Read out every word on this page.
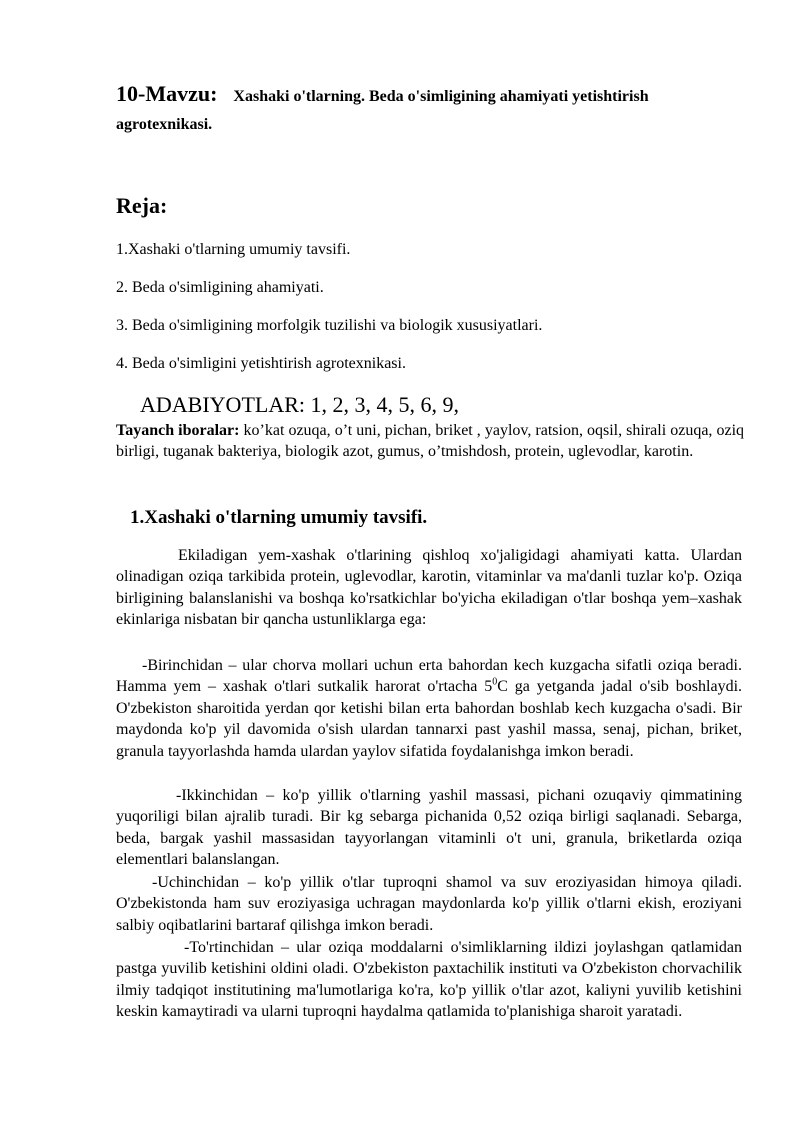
10-Mavzu: Xashaki o'tlarning. Beda o'simligining ahamiyati yetishtirish agrotexnikasi.
Reja:
1.Xashaki o'tlarning umumiy tavsifi.
2. Beda o'simligining ahamiyati.
3. Beda o'simligining morfolgik tuzilishi va biologik xususiyatlari.
4. Beda o'simligini yetishtirish agrotexnikasi.
ADABIYOTLAR: 1, 2, 3, 4, 5, 6, 9,
Tayanch iboralar: ko’kat ozuqa, o’t uni, pichan, briket , yaylov, ratsion, oqsil, shirali ozuqa, oziq birligi, tuganak bakteriya, biologik azot, gumus, o’tmishdosh, protein, uglevodlar, karotin.
1.Xashaki o'tlarning umumiy tavsifi.

Ekiladigan yem-xashak o'tlarining qishloq xo'jaligidagi ahamiyati katta. Ulardan olinadigan oziqa tarkibida protein, uglevodlar, karotin, vitaminlar va ma'danli tuzlar ko'p. Oziqa birligining balanslanishi va boshqa ko'rsatkichlar bo'yicha ekiladigan o'tlar boshqa yem–xashak ekinlariga nisbatan bir qancha ustunliklarga ega:

-Birinchidan – ular chorva mollari uchun erta bahordan kech kuzgacha sifatli oziqa beradi. Hamma yem – xashak o'tlari sutkalik harorat o'rtacha $5^0C$ ga yetganda jadal o'sib boshlaydi. O'zbekiston sharoitida yerdan qor ketishi bilan erta bahordan boshlab kech kuzgacha o'sadi. Bir maydonda ko'p yil davomida o'sish ulardan tannarxi past yashil massa, senaj, pichan, briket, granula tayyorlashda hamda ulardan yaylov sifatida foydalanishga imkon beradi.

-Ikkinchidan – ko'p yillik o'tlarning yashil massasi, pichani ozuqaviy qimmatining yuqoriligi bilan ajralib turadi. Bir kg sebarga pichanida 0,52 oziqa birligi saqlanadi. Sebarga, beda, bargak yashil massasidan tayyorlangan vitaminli o't uni, granula, briketlarda oziqa elementlari balanslangan.

-Uchinchidan – ko'p yillik o'tlar tuproqni shamol va suv eroziyasidan himoya qiladi. O'zbekistonda ham suv eroziyasiga uchragan maydonlarda ko'p yillik o'tlarni ekish, eroziyani salbiy oqibatlarini bartaraf qilishga imkon beradi.

-To'rtinchidan – ular oziqa moddalarni o'simliklarning ildizi joylashgan qatlamidan pastga yuvilib ketishini oldini oladi. O'zbekiston paxtachilik instituti va O'zbekiston chorvachilik ilmiy tadqiqot institutining ma'lumotlariga ko'ra, ko'p yillik o'tlar azot, kaliyni yuvilib ketishini keskin kamaytiradi va ularni tuproqni haydalma qatlamida to'planishiga sharoit yaratadi.
